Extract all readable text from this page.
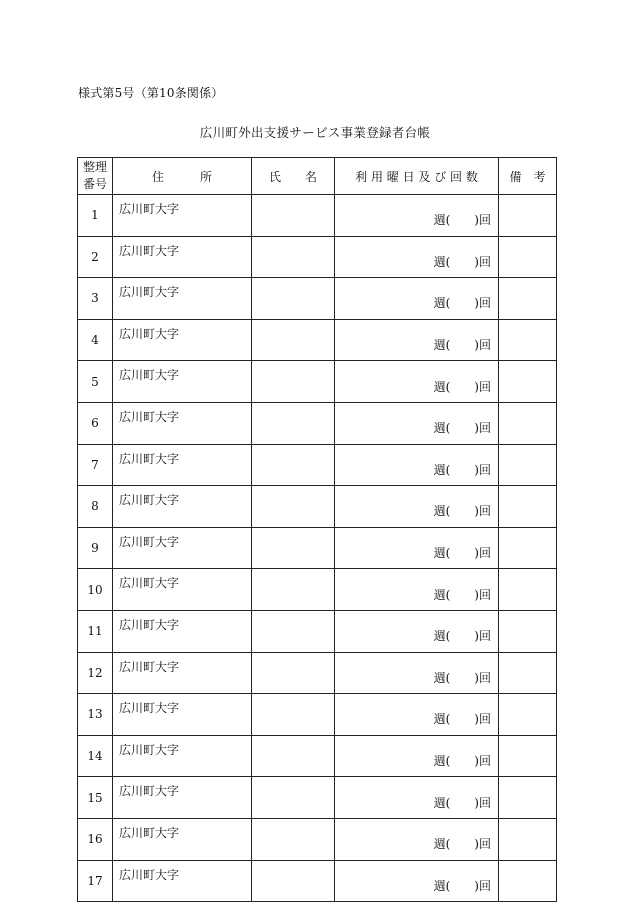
様式第5号（第10条関係）
広川町外出支援サービス事業登録者台帳
整理
番号	住　　　所	氏　　名	利 用 曜 日 及 び 回 数	備　考
1	広川町大字		週(　　)回	
2	広川町大字		週(　　)回	
3	広川町大字		週(　　)回	
4	広川町大字		週(　　)回	
5	広川町大字		週(　　)回	
6	広川町大字		週(　　)回	
7	広川町大字		週(　　)回	
8	広川町大字		週(　　)回	
9	広川町大字		週(　　)回	
10	広川町大字		週(　　)回	
11	広川町大字		週(　　)回	
12	広川町大字		週(　　)回	
13	広川町大字		週(　　)回	
14	広川町大字		週(　　)回	
15	広川町大字		週(　　)回	
16	広川町大字		週(　　)回	
17	広川町大字		週(　　)回	
